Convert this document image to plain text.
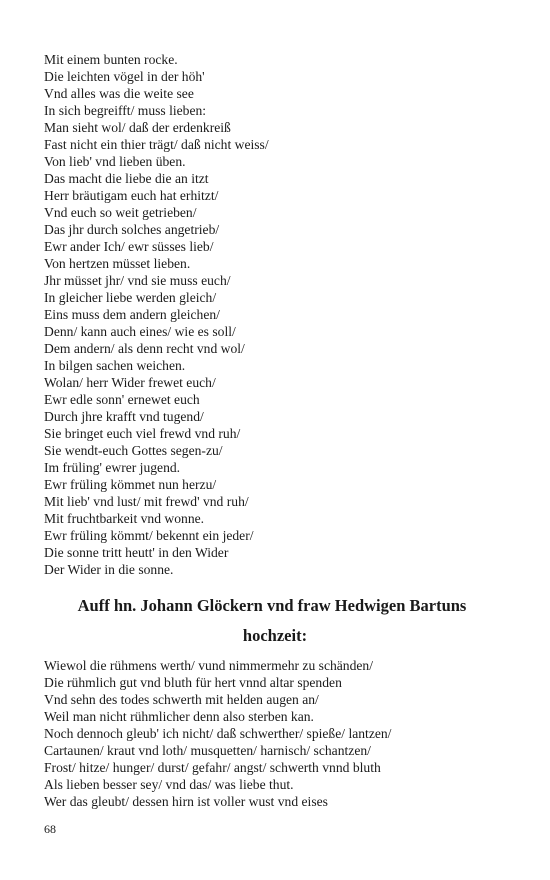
Mit einem bunten rocke.
Die leichten vögel in der höh'
Vnd alles was die weite see
In sich begreifft/ muss lieben:
Man sieht wol/ daß der erdenkreiß
Fast nicht ein thier trägt/ daß nicht weiss/
Von lieb' vnd lieben üben.
Das macht die liebe die an itzt
Herr bräutigam euch hat erhitzt/
Vnd euch so weit getrieben/
Das jhr durch solches angetrieb/
Ewr ander Ich/ ewr süsses lieb/
Von hertzen müsset lieben.
Jhr müsset jhr/ vnd sie muss euch/
In gleicher liebe werden gleich/
Eins muss dem andern gleichen/
Denn/ kann auch eines/ wie es soll/
Dem andern/ als denn recht vnd wol/
In bilgen sachen weichen.
Wolan/ herr Wider frewet euch/
Ewr edle sonn' ernewet euch
Durch jhre krafft vnd tugend/
Sie bringet euch viel frewd vnd ruh/
Sie wendt-euch Gottes segen-zu/
Im früling' ewrer jugend.
Ewr früling kömmet nun herzu/
Mit lieb' vnd lust/ mit frewd' vnd ruh/
Mit fruchtbarkeit vnd wonne.
Ewr früling kömmt/ bekennt ein jeder/
Die sonne tritt heutt' in den Wider
Der Wider in die sonne.
Auff hn. Johann Glöckern vnd fraw Hedwigen Bartuns
hochzeit:
Wiewol die rühmens werth/ vund nimmermehr zu schänden/
Die rühmlich gut vnd bluth für hert vnnd altar spenden
Vnd sehn des todes schwerth mit helden augen an/
Weil man nicht rühmlicher denn also sterben kan.
Noch dennoch gleub' ich nicht/ daß schwerther/ spieße/ lantzen/
Cartaunen/ kraut vnd loth/ musquetten/ harnisch/ schantzen/
Frost/ hitze/ hunger/ durst/ gefahr/ angst/ schwerth vnnd bluth
Als lieben besser sey/ vnd das/ was liebe thut.
Wer das gleubt/ dessen hirn ist voller wust vnd eises
68
